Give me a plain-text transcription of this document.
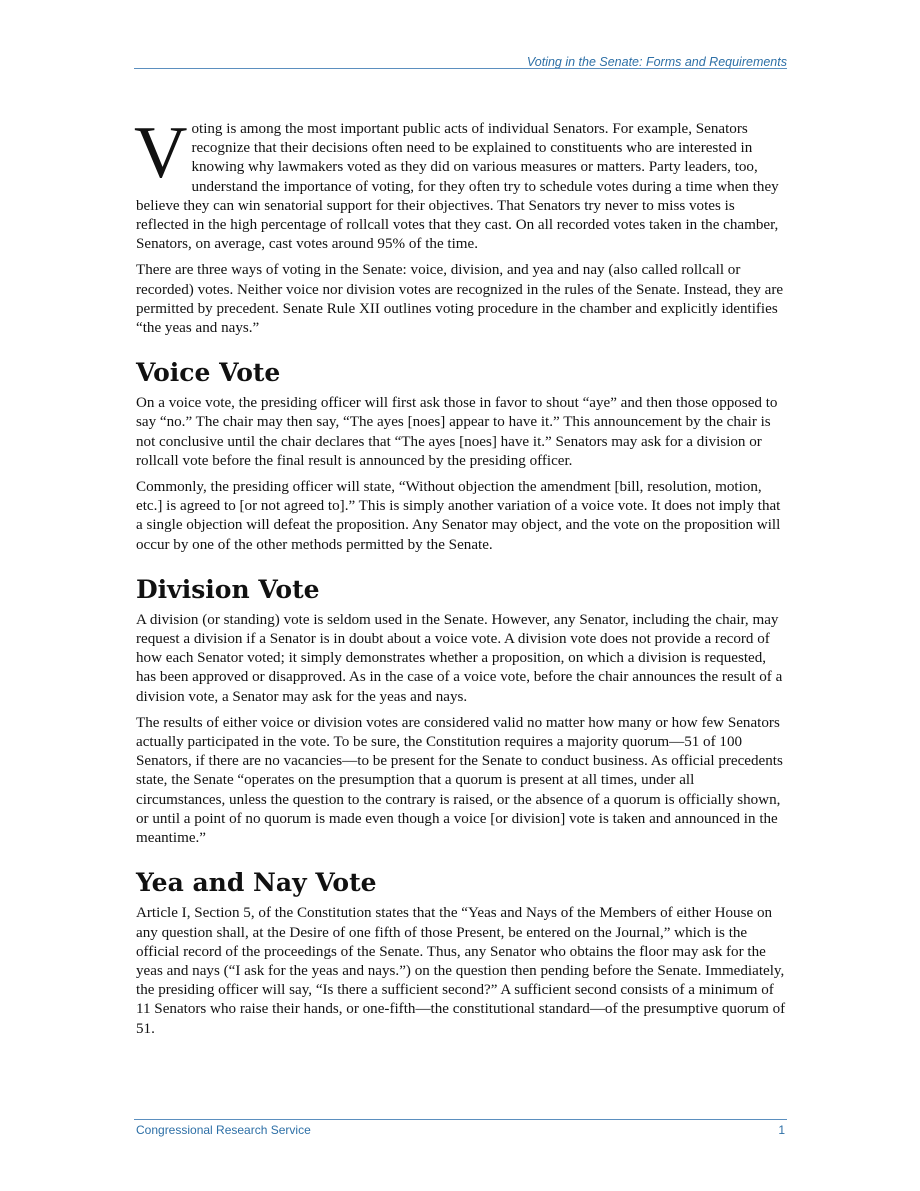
Voting in the Senate: Forms and Requirements

Voting is among the most important public acts of individual Senators. For example, Senators recognize that their decisions often need to be explained to constituents who are interested in knowing why lawmakers voted as they did on various measures or matters. Party leaders, too, understand the importance of voting, for they often try to schedule votes during a time when they believe they can win senatorial support for their objectives. That Senators try never to miss votes is reflected in the high percentage of rollcall votes that they cast. On all recorded votes taken in the chamber, Senators, on average, cast votes around 95% of the time.

There are three ways of voting in the Senate: voice, division, and yea and nay (also called rollcall or recorded) votes. Neither voice nor division votes are recognized in the rules of the Senate. Instead, they are permitted by precedent. Senate Rule XII outlines voting procedure in the chamber and explicitly identifies “the yeas and nays.”

Voice Vote

On a voice vote, the presiding officer will first ask those in favor to shout “aye” and then those opposed to say “no.” The chair may then say, “The ayes [noes] appear to have it.” This announcement by the chair is not conclusive until the chair declares that “The ayes [noes] have it.” Senators may ask for a division or rollcall vote before the final result is announced by the presiding officer.

Commonly, the presiding officer will state, “Without objection the amendment [bill, resolution, motion, etc.] is agreed to [or not agreed to].” This is simply another variation of a voice vote. It does not imply that a single objection will defeat the proposition. Any Senator may object, and the vote on the proposition will occur by one of the other methods permitted by the Senate.

Division Vote

A division (or standing) vote is seldom used in the Senate. However, any Senator, including the chair, may request a division if a Senator is in doubt about a voice vote. A division vote does not provide a record of how each Senator voted; it simply demonstrates whether a proposition, on which a division is requested, has been approved or disapproved. As in the case of a voice vote, before the chair announces the result of a division vote, a Senator may ask for the yeas and nays.

The results of either voice or division votes are considered valid no matter how many or how few Senators actually participated in the vote. To be sure, the Constitution requires a majority quorum—51 of 100 Senators, if there are no vacancies—to be present for the Senate to conduct business. As official precedents state, the Senate “operates on the presumption that a quorum is present at all times, under all circumstances, unless the question to the contrary is raised, or the absence of a quorum is officially shown, or until a point of no quorum is made even though a voice [or division] vote is taken and announced in the meantime.”

Yea and Nay Vote

Article I, Section 5, of the Constitution states that the “Yeas and Nays of the Members of either House on any question shall, at the Desire of one fifth of those Present, be entered on the Journal,” which is the official record of the proceedings of the Senate. Thus, any Senator who obtains the floor may ask for the yeas and nays (“I ask for the yeas and nays.”) on the question then pending before the Senate. Immediately, the presiding officer will say, “Is there a sufficient second?” A sufficient second consists of a minimum of 11 Senators who raise their hands, or one-fifth—the constitutional standard—of the presumptive quorum of 51.

Congressional Research Service	1
